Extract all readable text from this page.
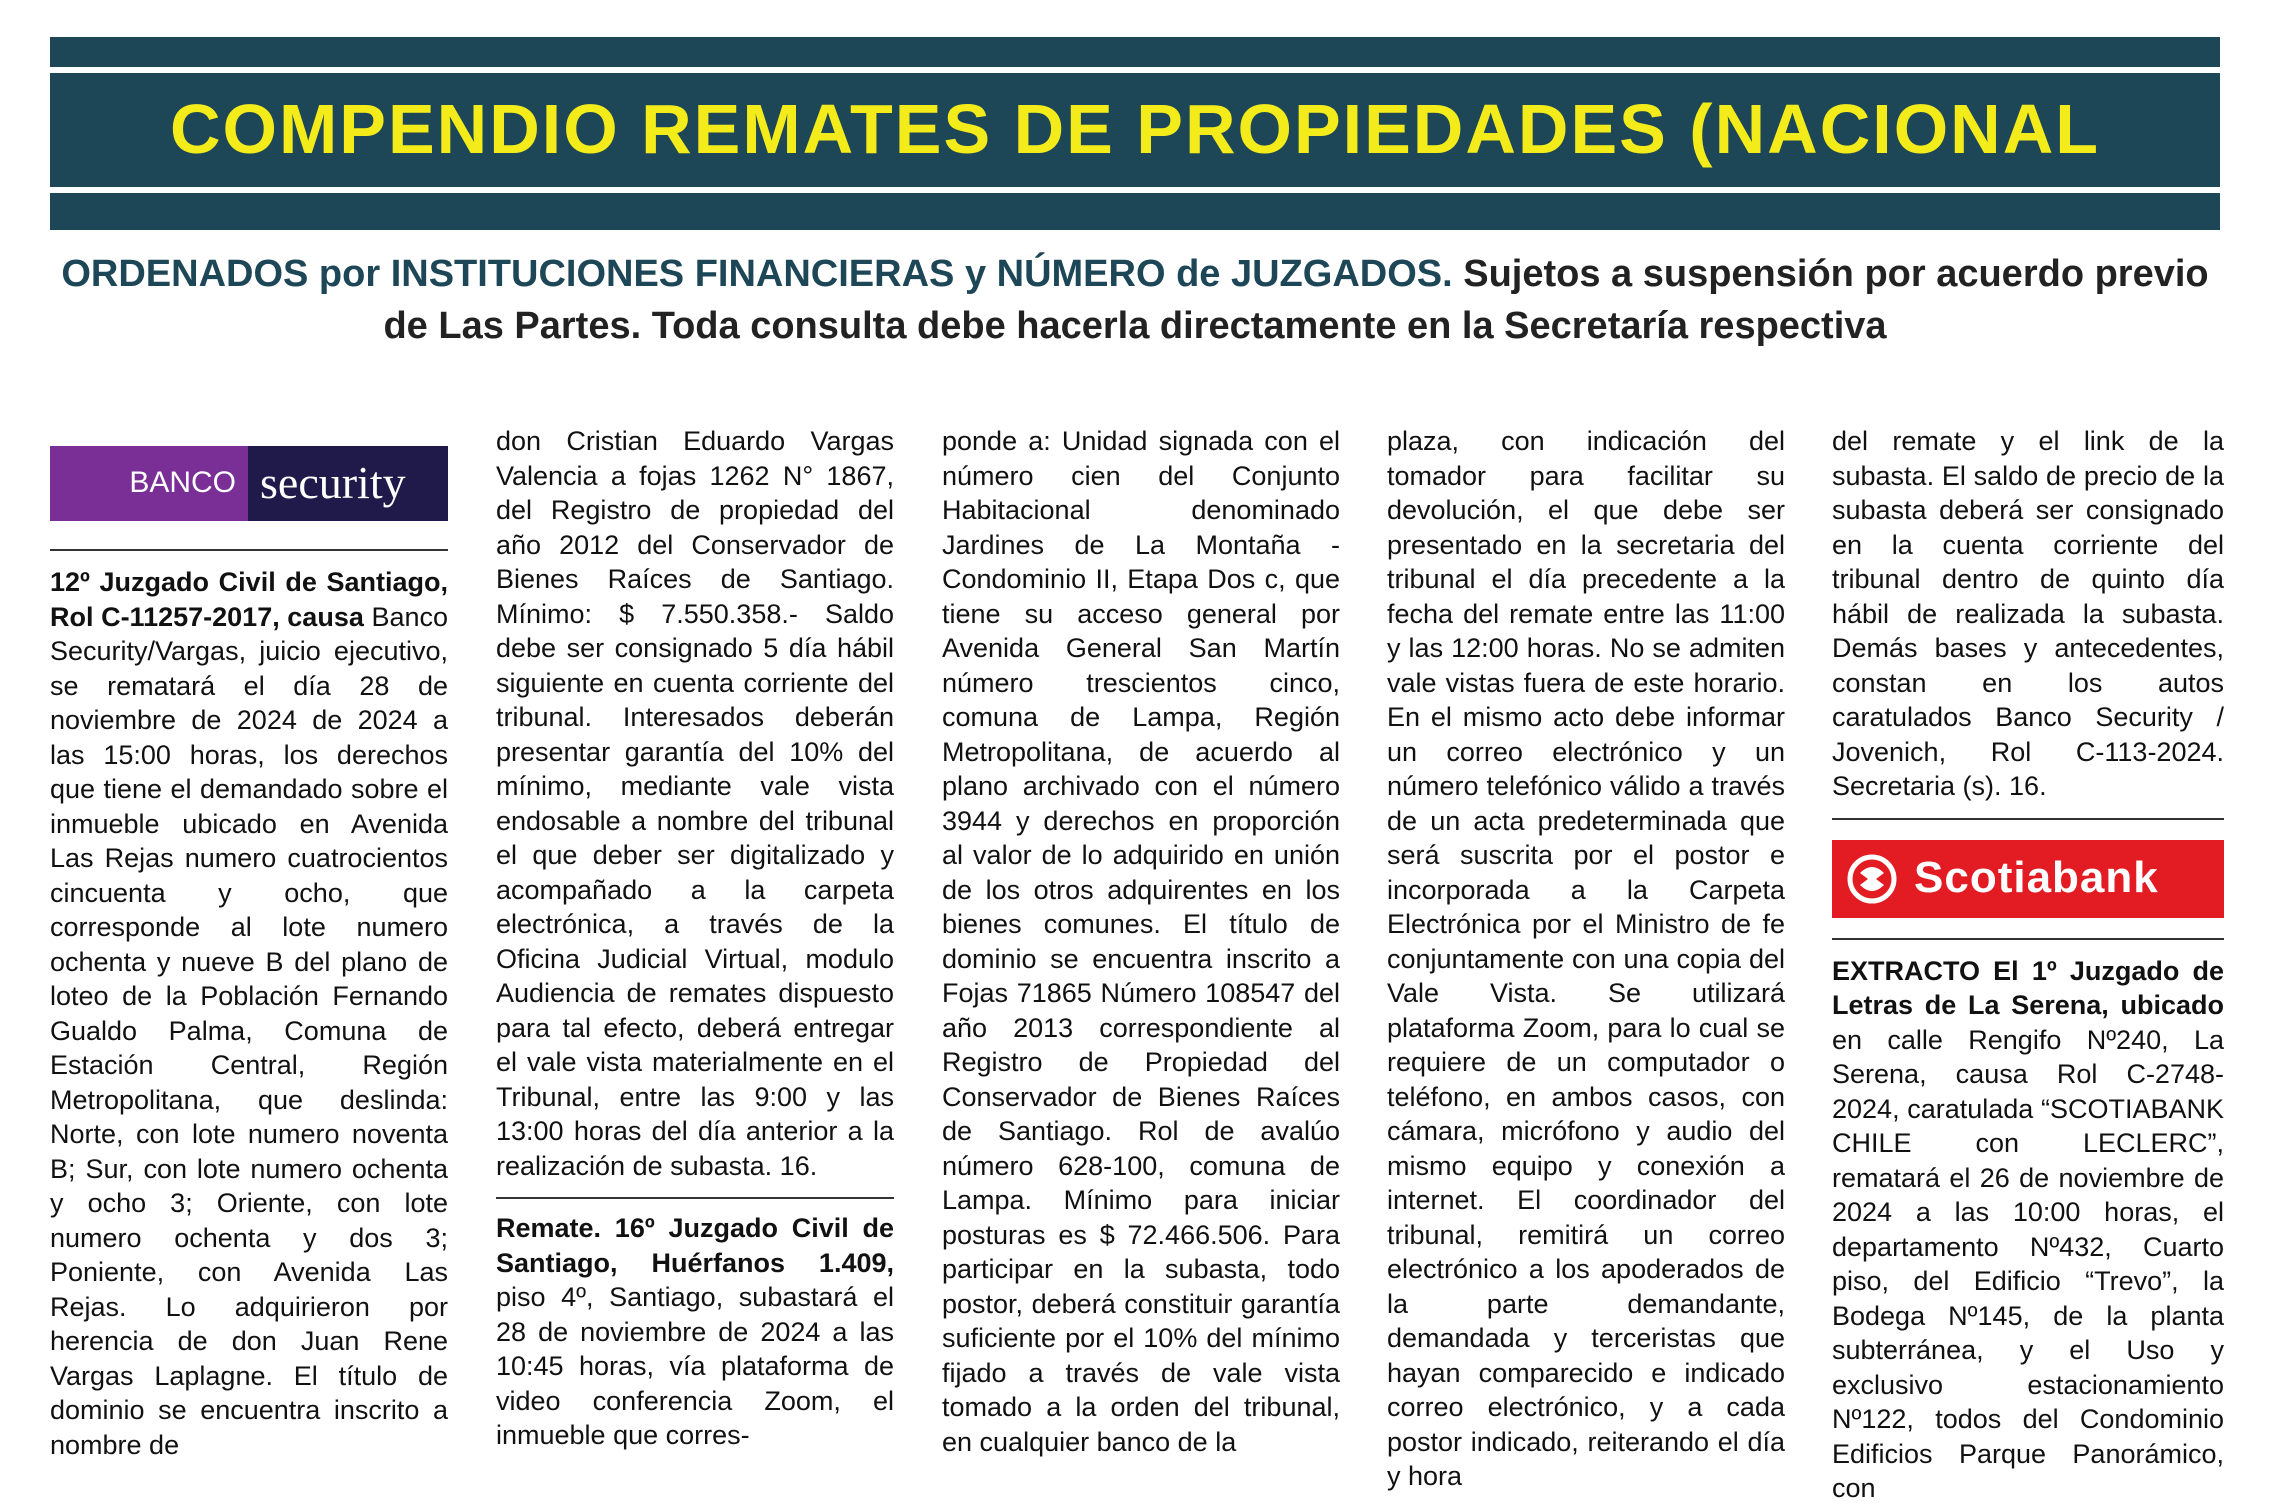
COMPENDIO REMATES DE PROPIEDADES (NACIONAL
ORDENADOS por INSTITUCIONES FINANCIERAS y NÚMERO de JUZGADOS. Sujetos a suspensión por acuerdo previo de Las Partes. Toda consulta debe hacerla directamente en la Secretaría respectiva
BANCO security

12º Juzgado Civil de Santiago, Rol C-11257-2017, causa Banco Security/Vargas, juicio ejecutivo, se rematará el día 28 de noviembre de 2024 de 2024 a las 15:00 horas, los derechos que tiene el demandado sobre el inmueble ubicado en Avenida Las Rejas numero cuatrocientos cincuenta y ocho, que corresponde al lote numero ochenta y nueve B del plano de loteo de la Población Fernando Gualdo Palma, Comuna de Estación Central, Región Metropolitana, que deslinda: Norte, con lote numero noventa B; Sur, con lote numero ochenta y ocho 3; Oriente, con lote numero ochenta y dos 3; Poniente, con Avenida Las Rejas. Lo adquirieron por herencia de don Juan Rene Vargas Laplagne. El título de dominio se encuentra inscrito a nombre de

don Cristian Eduardo Vargas Valencia a fojas 1262 N° 1867, del Registro de propiedad del año 2012 del Conservador de Bienes Raíces de Santiago. Mínimo: $ 7.550.358.- Saldo debe ser consignado 5 día hábil siguiente en cuenta corriente del tribunal. Interesados deberán presentar garantía del 10% del mínimo, mediante vale vista endosable a nombre del tribunal el que deber ser digitalizado y acompañado a la carpeta electrónica, a través de la Oficina Judicial Virtual, modulo Audiencia de remates dispuesto para tal efecto, deberá entregar el vale vista materialmente en el Tribunal, entre las 9:00 y las 13:00 horas del día anterior a la realización de subasta. 16.

Remate. 16º Juzgado Civil de Santiago, Huérfanos 1.409, piso 4º, Santiago, subastará el 28 de noviembre de 2024 a las 10:45 horas, vía plataforma de video conferencia Zoom, el inmueble que corres-

ponde a: Unidad signada con el número cien del Conjunto Habitacional denominado Jardines de La Montaña - Condominio II, Etapa Dos c, que tiene su acceso general por Avenida General San Martín número trescientos cinco, comuna de Lampa, Región Metropolitana, de acuerdo al plano archivado con el número 3944 y derechos en proporción al valor de lo adquirido en unión de los otros adquirentes en los bienes comunes. El título de dominio se encuentra inscrito a Fojas 71865 Número 108547 del año 2013 correspondiente al Registro de Propiedad del Conservador de Bienes Raíces de Santiago. Rol de avalúo número 628-100, comuna de Lampa. Mínimo para iniciar posturas es $ 72.466.506. Para participar en la subasta, todo postor, deberá constituir garantía suficiente por el 10% del mínimo fijado a través de vale vista tomado a la orden del tribunal, en cualquier banco de la

plaza, con indicación del tomador para facilitar su devolución, el que debe ser presentado en la secretaria del tribunal el día precedente a la fecha del remate entre las 11:00 y las 12:00 horas. No se admiten vale vistas fuera de este horario. En el mismo acto debe informar un correo electrónico y un número telefónico válido a través de un acta predeterminada que será suscrita por el postor e incorporada a la Carpeta Electrónica por el Ministro de fe conjuntamente con una copia del Vale Vista. Se utilizará plataforma Zoom, para lo cual se requiere de un computador o teléfono, en ambos casos, con cámara, micrófono y audio del mismo equipo y conexión a internet. El coordinador del tribunal, remitirá un correo electrónico a los apoderados de la parte demandante, demandada y terceristas que hayan comparecido e indicado correo electrónico, y a cada postor indicado, reiterando el día y hora

del remate y el link de la subasta. El saldo de precio de la subasta deberá ser consignado en la cuenta corriente del tribunal dentro de quinto día hábil de realizada la subasta. Demás bases y antecedentes, constan en los autos caratulados Banco Security / Jovenich, Rol C-113-2024. Secretaria (s). 16.

Scotiabank

EXTRACTO El 1º Juzgado de Letras de La Serena, ubicado en calle Rengifo Nº240, La Serena, causa Rol C-2748-2024, caratulada “SCOTIABANK CHILE con LECLERC”, rematará el 26 de noviembre de 2024 a las 10:00 horas, el departamento Nº432, Cuarto piso, del Edificio “Trevo”, la Bodega Nº145, de la planta subterránea, y el Uso y exclusivo estacionamiento Nº122, todos del Condominio Edificios Parque Panorámico, con
